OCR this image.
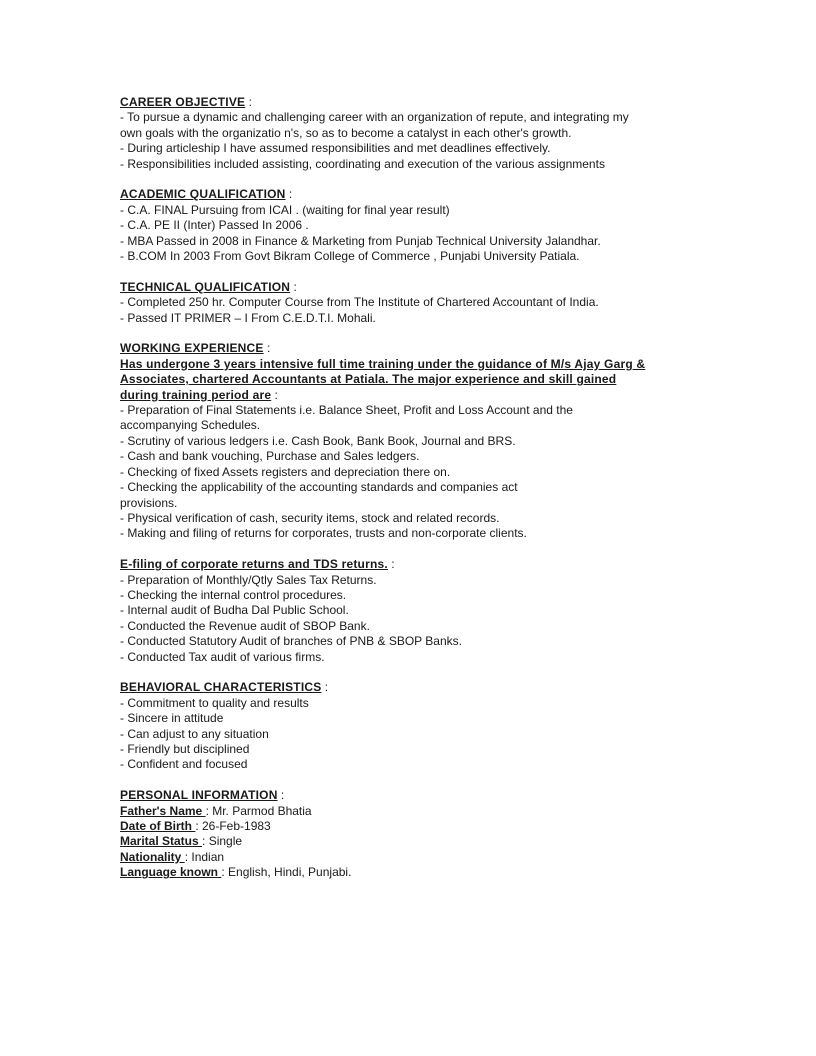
CAREER OBJECTIVE :
- To pursue a dynamic and challenging career with an organization of repute, and integrating my
own goals with the organizatio n's, so as to become a catalyst in each other's growth.
- During articleship I have assumed responsibilities and met deadlines effectively.
- Responsibilities included assisting, coordinating and execution of the various assignments
ACADEMIC QUALIFICATION :
- C.A. FINAL Pursuing from ICAI . (waiting for final year result)
- C.A. PE II (Inter) Passed In 2006 .
- MBA Passed in 2008 in Finance & Marketing from Punjab Technical University Jalandhar.
- B.COM In 2003 From Govt Bikram College of Commerce , Punjabi University Patiala.
TECHNICAL QUALIFICATION :
- Completed 250 hr. Computer Course from The Institute of Chartered Accountant of India.
- Passed IT PRIMER – I From C.E.D.T.I. Mohali.
WORKING EXPERIENCE :
Has undergone 3 years intensive full time training under the guidance of M/s Ajay Garg &
Associates, chartered Accountants at Patiala. The major experience and skill gained
during training period are :
- Preparation of Final Statements i.e. Balance Sheet, Profit and Loss Account and the
accompanying Schedules.
- Scrutiny of various ledgers i.e. Cash Book, Bank Book, Journal and BRS.
- Cash and bank vouching, Purchase and Sales ledgers.
- Checking of fixed Assets registers and depreciation there on.
- Checking the applicability of the accounting standards and companies act
provisions.
- Physical verification of cash, security items, stock and related records.
- Making and filing of returns for corporates, trusts and non-corporate clients.
E-filing of corporate returns and TDS returns. :
- Preparation of Monthly/Qtly Sales Tax Returns.
- Checking the internal control procedures.
- Internal audit of Budha Dal Public School.
- Conducted the Revenue audit of SBOP Bank.
- Conducted Statutory Audit of branches of PNB & SBOP Banks.
- Conducted Tax audit of various firms.
BEHAVIORAL CHARACTERISTICS :
- Commitment to quality and results
- Sincere in attitude
- Can adjust to any situation
- Friendly but disciplined
- Confident and focused
PERSONAL INFORMATION :
Father's Name : Mr. Parmod Bhatia
Date of Birth : 26-Feb-1983
Marital Status : Single
Nationality : Indian
Language known : English, Hindi, Punjabi.
